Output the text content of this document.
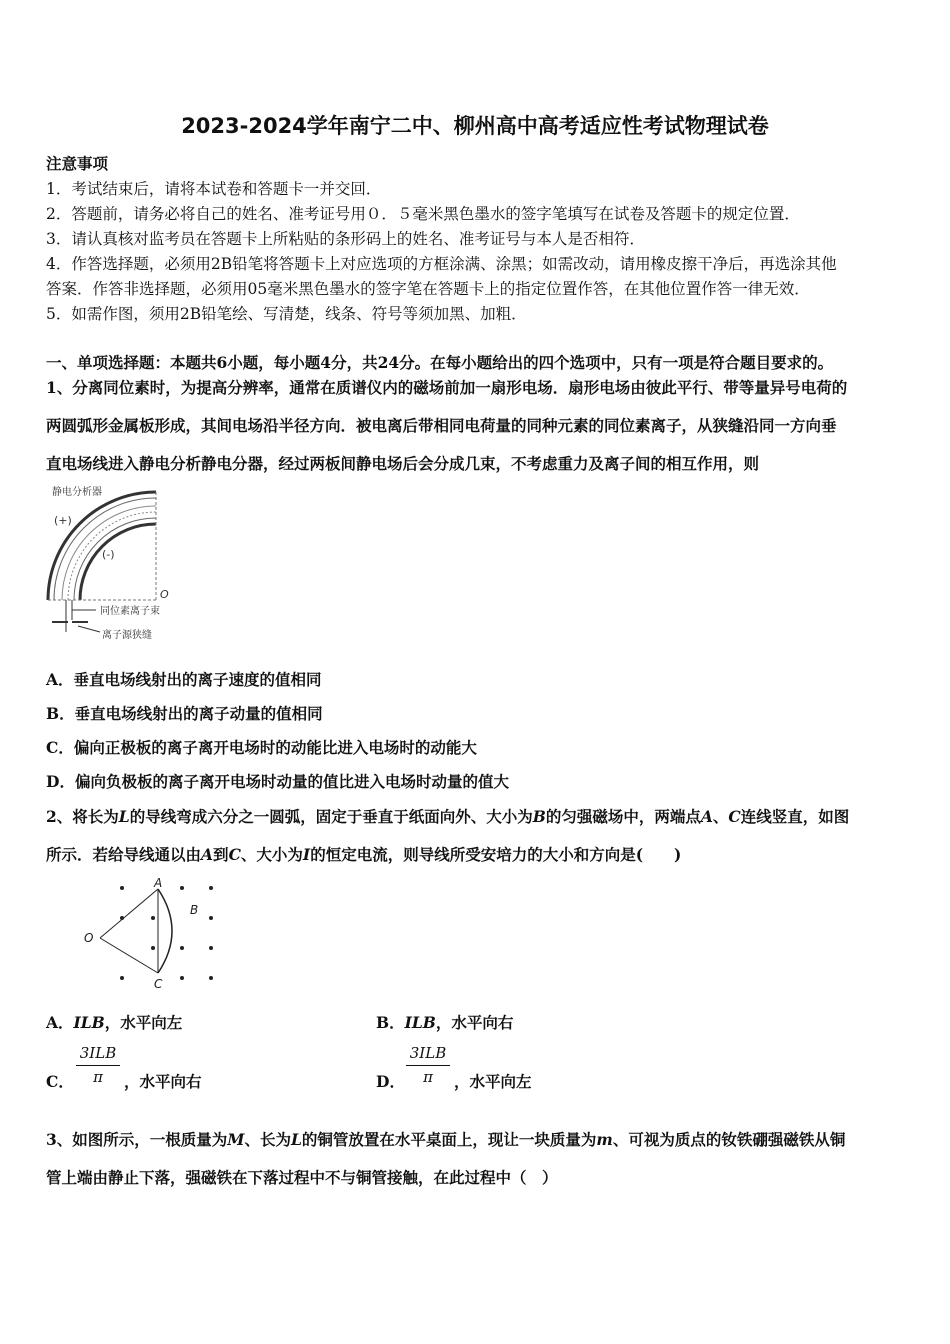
2023-2024学年南宁二中、柳州高中高考适应性考试物理试卷
注意事项
1．考试结束后，请将本试卷和答题卡一并交回．
2．答题前，请务必将自己的姓名、准考证号用０．５毫米黑色墨水的签字笔填写在试卷及答题卡的规定位置．
3．请认真核对监考员在答题卡上所粘贴的条形码上的姓名、准考证号与本人是否相符．
4．作答选择题，必须用2B铅笔将答题卡上对应选项的方框涂满、涂黑；如需改动，请用橡皮擦干净后，再选涂其他
答案．作答非选择题，必须用05毫米黑色墨水的签字笔在答题卡上的指定位置作答，在其他位置作答一律无效．
5．如需作图，须用2B铅笔绘、写清楚，线条、符号等须加黑、加粗．
一、单项选择题：本题共6小题，每小题4分，共24分。在每小题给出的四个选项中，只有一项是符合题目要求的。
1、分离同位素时，为提高分辨率，通常在质谱仪内的磁场前加一扇形电场．扇形电场由彼此平行、带等量异号电荷的
两圆弧形金属板形成，其间电场沿半径方向．被电离后带相同电荷量的同种元素的同位素离子，从狭缝沿同一方向垂
直电场线进入静电分析静电分器，经过两板间静电场后会分成几束，不考虑重力及离子间的相互作用，则
静电分析器
(+)
(-)
O
同位素离子束
离子源狭缝
A．垂直电场线射出的离子速度的值相同
B．垂直电场线射出的离子动量的值相同
C．偏向正极板的离子离开电场时的动能比进入电场时的动能大
D．偏向负极板的离子离开电场时动量的值比进入电场时动量的值大
2、将长为L的导线弯成六分之一圆弧，固定于垂直于纸面向外、大小为B的匀强磁场中，两端点A、C连线竖直，如图
所示．若给导线通以由A到C、大小为I的恒定电流，则导线所受安培力的大小和方向是(　　)
A
B
C
O
A．ILB，水平向左	B．ILB，水平向右
C．
3ILB
π	，水平向右	D．
3ILB
π	，水平向左
3、如图所示，一根质量为M、长为L的铜管放置在水平桌面上，现让一块质量为m、可视为质点的钕铁硼强磁铁从铜
管上端由静止下落，强磁铁在下落过程中不与铜管接触，在此过程中（　）
